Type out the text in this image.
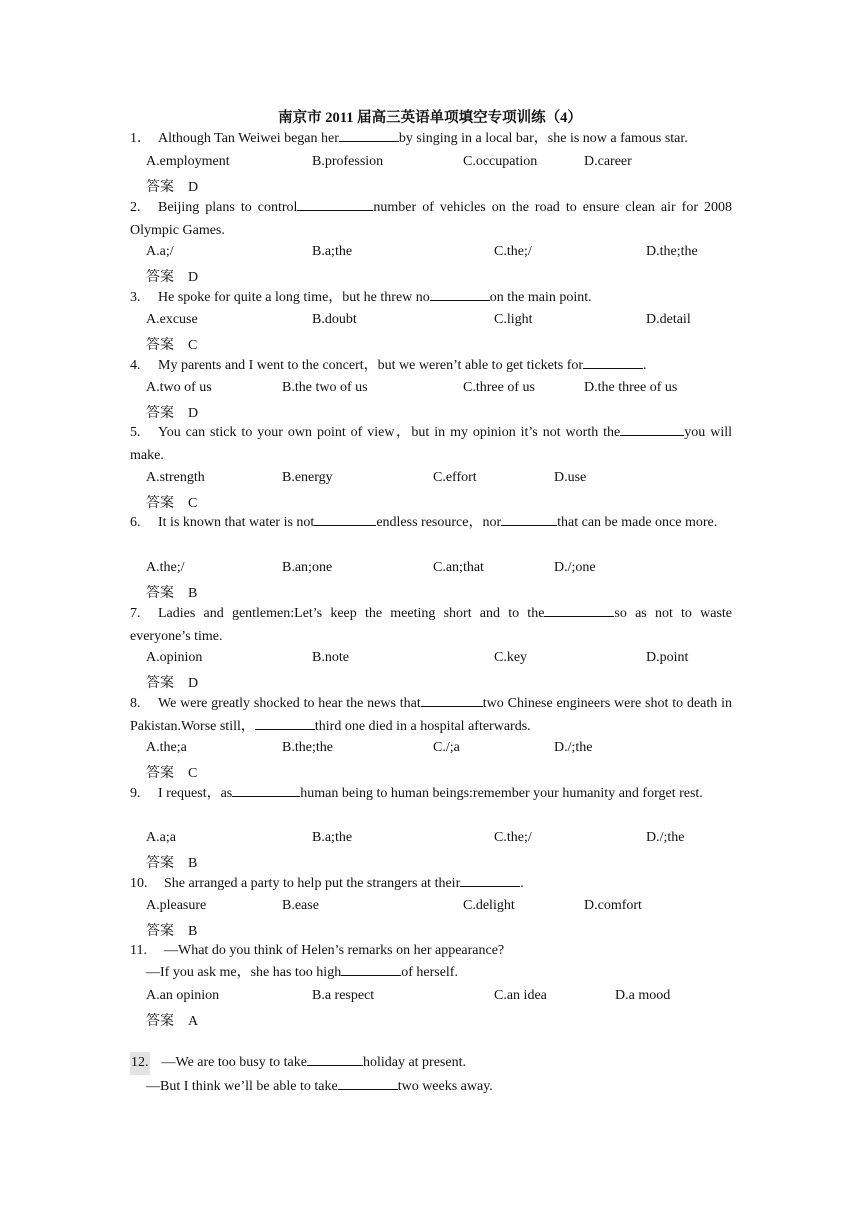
南京市 2011 届高三英语单项填空专项训练（4）
1． Although Tan Weiwei began her	by singing in a local bar，she is now a famous star.
A.employment	B.profession	C.occupation	D.career
答案 D
2. Beijing plans to control	number of vehicles on the road to ensure clean air for 2008 Olympic Games.
A.a;/	B.a;the	C.the;/	D.the;the
答案 D
3. He spoke for quite a long time，but he threw no	on the main point.
A.excuse	B.doubt	C.light	D.detail
答案 C
4. My parents and I went to the concert，but we weren’t able to get tickets for	.
A.two of us	B.the two of us	C.three of us	D.the three of us
答案 D
5. You can stick to your own point of view，but in my opinion it’s not worth the	you will make.
A.strength	B.energy	C.effort	D.use
答案 C
6. It is known that water is not	endless resource，nor	that can be made once more.
A.the;/	B.an;one	C.an;that	D./;one
答案 B
7. Ladies and gentlemen:Let’s keep the meeting short and to the	so as not to waste everyone’s time.
A.opinion	B.note	C.key	D.point
答案 D
8. We were greatly shocked to hear the news that	two Chinese engineers were shot to death in Pakistan.Worse still，	third one died in a hospital afterwards.
A.the;a	B.the;the	C./;a	D./;the
答案 C
9. I request，as	human being to human beings:remember your humanity and forget rest.
A.a;a	B.a;the	C.the;/	D./;the
答案 B
10. She arranged a party to help put the strangers at their	.
A.pleasure	B.ease	C.delight	D.comfort
答案 B
11. —What do you think of Helen’s remarks on her appearance?
—If you ask me，she has too high	of herself.
A.an opinion	B.a respect	C.an idea	D.a mood
答案 A
12. —We are too busy to take	holiday at present.
—But I think we’ll be able to take	two weeks away.
